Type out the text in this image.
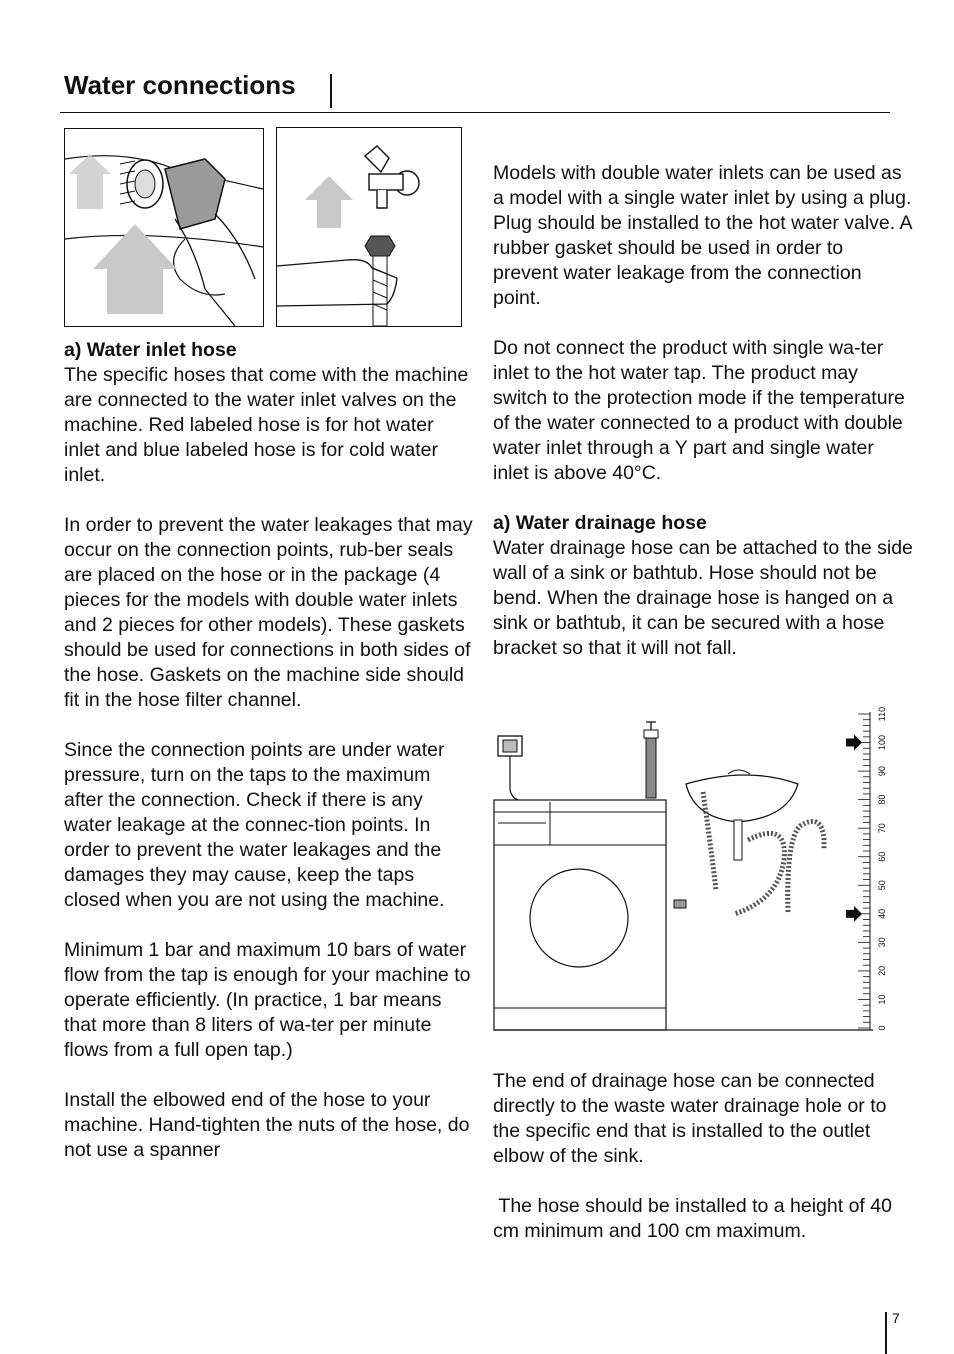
Water connections
a) Water inlet hose

The specific hoses that come with the machine are connected to the water inlet valves on the machine. Red labeled hose is for hot water inlet and blue labeled hose is for cold water inlet.

In order to prevent the water leakages that may occur on the connection points, rub-ber seals are placed on the hose or in the package (4 pieces for the models with double water inlets and 2 pieces for other models). These gaskets should be used for connections in both sides of the hose. Gaskets on the machine side should fit in the hose filter channel.

Since the connection points are under water pressure, turn on the taps to the maximum after the connection. Check if there is any water leakage at the connec-tion points. In order to prevent the water leakages and the damages they may cause, keep the taps closed when you are not using the machine.

Minimum 1 bar and maximum 10 bars of water flow from the tap is enough for your machine to operate efficiently. (In practice, 1 bar means that more than 8 liters of wa-ter per minute flows from a full open tap.)

Install the elbowed end of the hose to your machine. Hand-tighten the nuts of the hose, do not use a spanner

Models with double water inlets can be used as a model with a single water inlet by using a plug. Plug should be installed to the hot water valve. A rubber gasket should be used in order to prevent water leakage from the connection point.

Do not connect the product with single wa-ter inlet to the hot water tap. The product may switch to the protection mode if the temperature of the water connected to a product with double water inlet through a Y part and single water inlet is above 40°C.

a) Water drainage hose

Water drainage hose can be attached to the side wall of a sink or bathtub. Hose should not be bend. When the drainage hose is hanged on a sink or bathtub, it can be secured with a hose bracket so that it will not fall.

0
10
20
30
40
50
60
70
80
90
100
110

The end of drainage hose can be connected directly to the waste water drainage hole or to the specific end that is installed to the outlet elbow of the sink.

The hose should be installed to a height of 40 cm minimum and 100 cm maximum.

7
